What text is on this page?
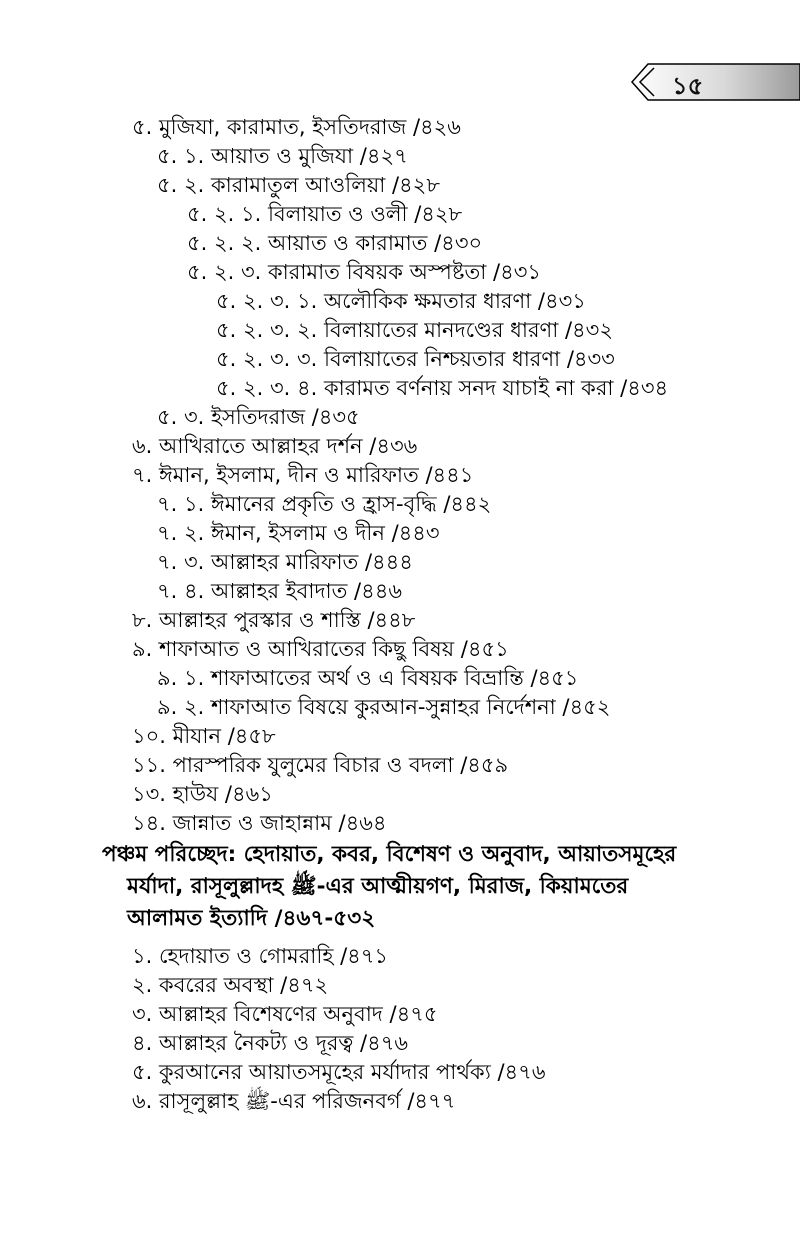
১৫
৫. মুজিযা, কারামাত, ইসতিদরাজ /৪২৬
৫. ১. আয়াত ও মুজিযা /৪২৭
৫. ২. কারামাতুল আওলিয়া /৪২৮
৫. ২. ১. বিলায়াত ও ওলী /৪২৮
৫. ২. ২. আয়াত ও কারামাত /৪৩০
৫. ২. ৩. কারামাত বিষয়ক অস্পষ্টতা /৪৩১
৫. ২. ৩. ১. অলৌকিক ক্ষমতার ধারণা /৪৩১
৫. ২. ৩. ২. বিলায়াতের মানদণ্ডের ধারণা /৪৩২
৫. ২. ৩. ৩. বিলায়াতের নিশ্চয়তার ধারণা /৪৩৩
৫. ২. ৩. ৪. কারামত বর্ণনায় সনদ যাচাই না করা /৪৩৪
৫. ৩. ইসতিদরাজ /৪৩৫
৬. আখিরাতে আল্লাহর দর্শন /৪৩৬
৭. ঈমান, ইসলাম, দীন ও মারিফাত /৪৪১
৭. ১. ঈমানের প্রকৃতি ও হ্রাস-বৃদ্ধি /৪৪২
৭. ২. ঈমান, ইসলাম ও দীন /৪৪৩
৭. ৩. আল্লাহর মারিফাত /৪৪৪
৭. ৪. আল্লাহর ইবাদাত /৪৪৬
৮. আল্লাহর পুরস্কার ও শাস্তি /৪৪৮
৯. শাফাআত ও আখিরাতের কিছু বিষয় /৪৫১
৯. ১. শাফাআতের অর্থ ও এ বিষয়ক বিভ্রান্তি /৪৫১
৯. ২. শাফাআত বিষয়ে কুরআন-সুন্নাহর নির্দেশনা /৪৫২
১০. মীযান /৪৫৮
১১. পারস্পরিক যুলুমের বিচার ও বদলা /৪৫৯
১৩. হাউয /৪৬১
১৪. জান্নাত ও জাহান্নাম /৪৬৪
পঞ্চম পরিচ্ছেদ: হেদায়াত, কবর, বিশেষণ ও অনুবাদ, আয়াতসমূহের
মর্যাদা, রাসূলুল্লাদহ ﷺ-এর আত্মীয়গণ, মিরাজ, কিয়ামতের
আলামত ইত্যাদি /৪৬৭-৫৩২
১. হেদায়াত ও গোমরাহি /৪৭১
২. কবরের অবস্থা /৪৭২
৩. আল্লাহর বিশেষণের অনুবাদ /৪৭৫
৪. আল্লাহর নৈকট্য ও দূরত্ব /৪৭৬
৫. কুরআনের আয়াতসমূহের মর্যাদার পার্থক্য /৪৭৬
৬. রাসূলুল্লাহ ﷺ-এর পরিজনবর্গ /৪৭৭
